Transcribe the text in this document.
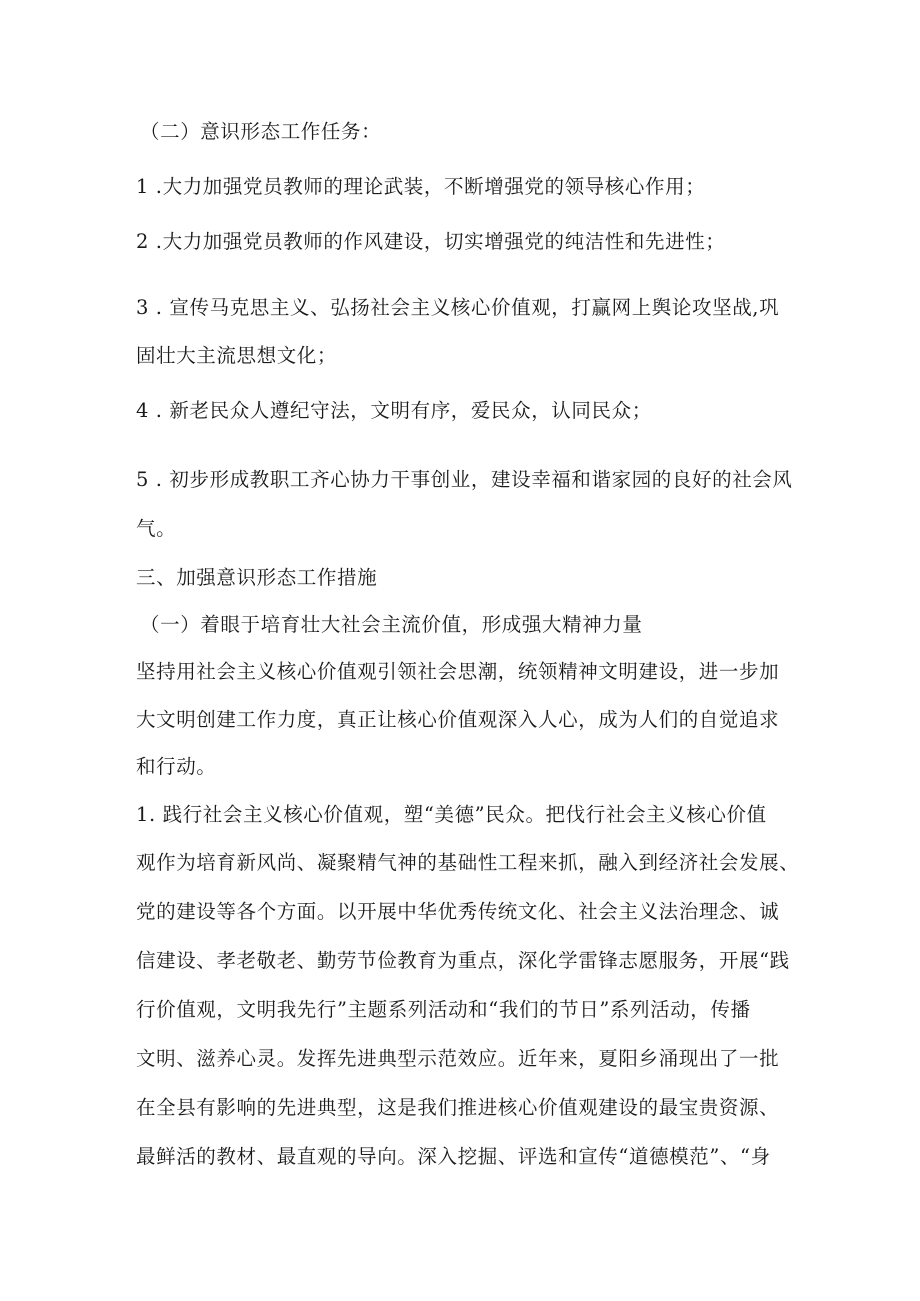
（二）意识形态工作任务：
1 .大力加强党员教师的理论武装，不断增强党的领导核心作用；
2 .大力加强党员教师的作风建设，切实增强党的纯洁性和先进性；
3 . 宣传马克思主义、弘扬社会主义核心价值观，打赢网上舆论攻坚战,巩
固壮大主流思想文化；
4 . 新老民众人遵纪守法，文明有序，爱民众，认同民众；
5 . 初步形成教职工齐心协力干事创业，建设幸福和谐家园的良好的社会风
气。
三、加强意识形态工作措施
（一）着眼于培育壮大社会主流价值，形成强大精神力量
坚持用社会主义核心价值观引领社会思潮，统领精神文明建设，进一步加
大文明创建工作力度，真正让核心价值观深入人心，成为人们的自觉追求
和行动。
1. 践行社会主义核心价值观，塑“美德”民众。把伐行社会主义核心价值
观作为培育新风尚、凝聚精气神的基础性工程来抓，融入到经济社会发展、
党的建设等各个方面。以开展中华优秀传统文化、社会主义法治理念、诚
信建设、孝老敬老、勤劳节俭教育为重点，深化学雷锋志愿服务，开展“践
行价值观，文明我先行”主题系列活动和“我们的节日”系列活动，传播
文明、滋养心灵。发挥先进典型示范效应。近年来，夏阳乡涌现出了一批
在全县有影响的先进典型，这是我们推进核心价值观建设的最宝贵资源、
最鲜活的教材、最直观的导向。深入挖掘、评选和宣传“道德模范”、“身
